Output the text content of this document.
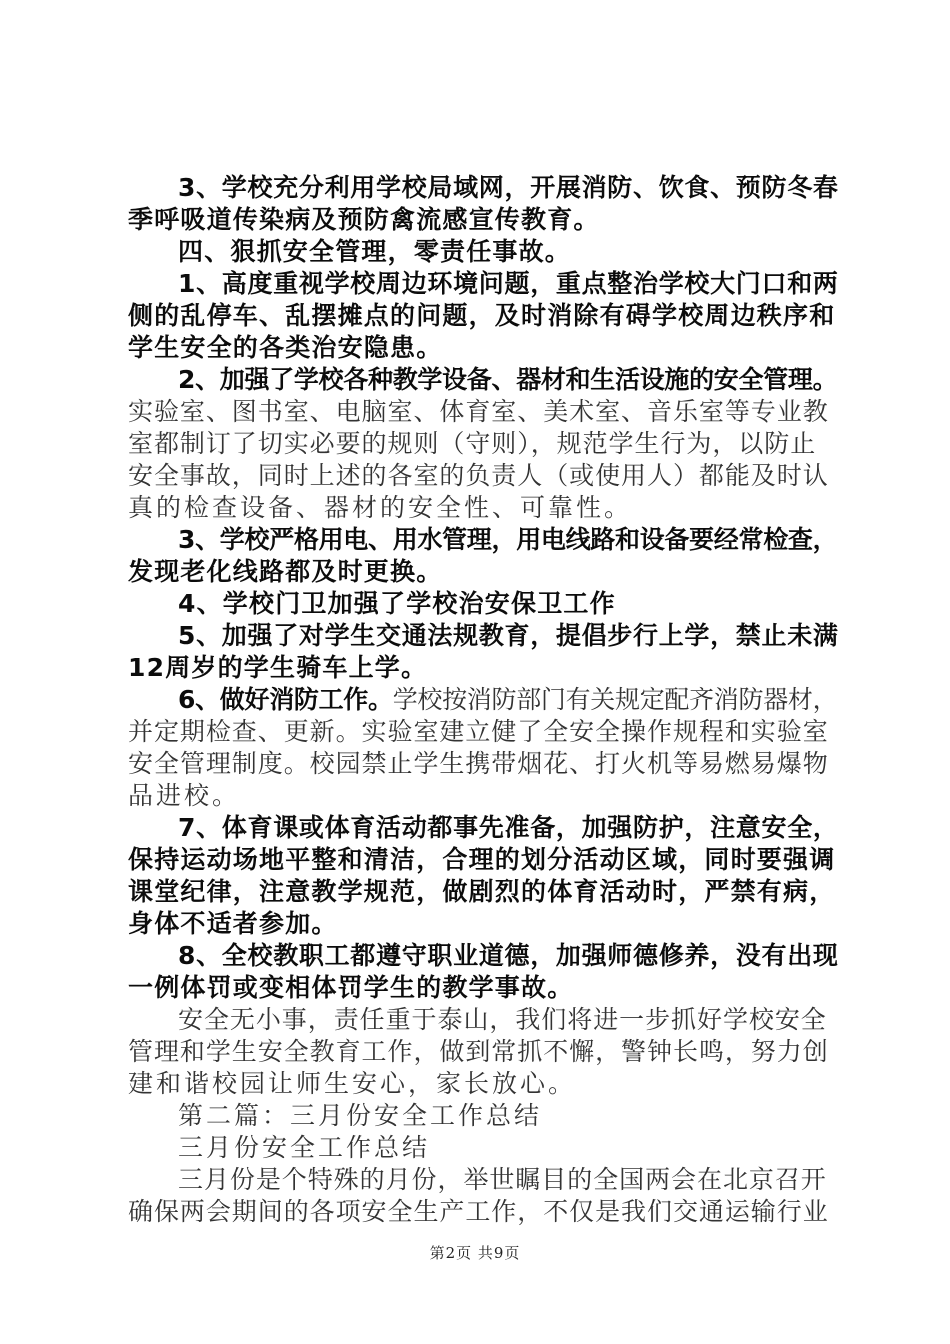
3、学校充分利用学校局域网，开展消防、饮食、预防冬春
季呼吸道传染病及预防禽流感宣传教育。
四、狠抓安全管理，零责任事故。
1、高度重视学校周边环境问题，重点整治学校大门口和两
侧的乱停车、乱摆摊点的问题，及时消除有碍学校周边秩序和
学生安全的各类治安隐患。
2、加强了学校各种教学设备、器材和生活设施的安全管理。
实验室、图书室、电脑室、体育室、美术室、音乐室等专业教
室都制订了切实必要的规则（守则），规范学生行为，以防止
安全事故，同时上述的各室的负责人（或使用人）都能及时认
真的检查设备、器材的安全性、可靠性。
3、学校严格用电、用水管理，用电线路和设备要经常检查，
发现老化线路都及时更换。
4、学校门卫加强了学校治安保卫工作
5、加强了对学生交通法规教育，提倡步行上学，禁止未满
12周岁的学生骑车上学。
6、做好消防工作。学校按消防部门有关规定配齐消防器材，
并定期检查、更新。实验室建立健了全安全操作规程和实验室
安全管理制度。校园禁止学生携带烟花、打火机等易燃易爆物
品进校。
7、体育课或体育活动都事先准备，加强防护，注意安全，
保持运动场地平整和清洁，合理的划分活动区域，同时要强调
课堂纪律，注意教学规范，做剧烈的体育活动时，严禁有病，
身体不适者参加。
8、全校教职工都遵守职业道德，加强师德修养，没有出现
一例体罚或变相体罚学生的教学事故。
安全无小事，责任重于泰山，我们将进一步抓好学校安全
管理和学生安全教育工作，做到常抓不懈，警钟长鸣，努力创
建和谐校园让师生安心，家长放心。
第二篇：三月份安全工作总结
三月份安全工作总结
三月份是个特殊的月份，举世瞩目的全国两会在北京召开
确保两会期间的各项安全生产工作，不仅是我们交通运输行业
第2页 共9页
